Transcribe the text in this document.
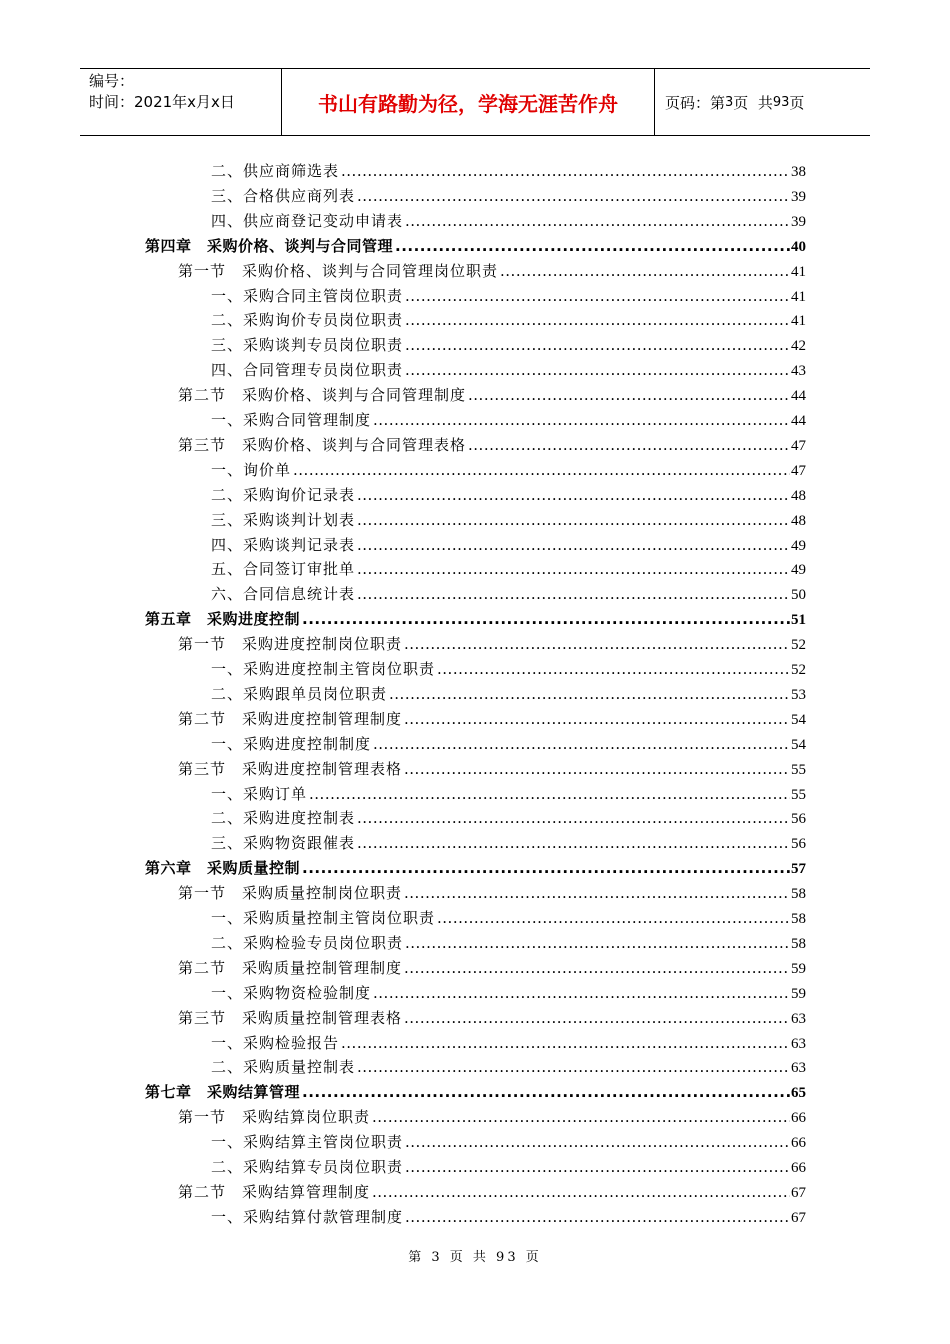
编号：
时间：2021年x月x日	书山有路勤为径，学海无涯苦作舟	页码：第 3 页  共 93 页
二、供应商筛选表 .....	38
三、合格供应商列表 .....	39
四、供应商登记变动申请表 .....	39
第四章　采购价格、谈判与合同管理 .....	40
第一节　采购价格、谈判与合同管理岗位职责 .....	41
一、采购合同主管岗位职责 .....	41
二、采购询价专员岗位职责 .....	41
三、采购谈判专员岗位职责 .....	42
四、合同管理专员岗位职责 .....	43
第二节　采购价格、谈判与合同管理制度 .....	44
一、采购合同管理制度 .....	44
第三节　采购价格、谈判与合同管理表格 .....	47
一、询价单 .....	47
二、采购询价记录表 .....	48
三、采购谈判计划表 .....	48
四、采购谈判记录表 .....	49
五、合同签订审批单 .....	49
六、合同信息统计表 .....	50
第五章　采购进度控制 .....	51
第一节　采购进度控制岗位职责 .....	52
一、采购进度控制主管岗位职责 .....	52
二、采购跟单员岗位职责 .....	53
第二节　采购进度控制管理制度 .....	54
一、采购进度控制制度 .....	54
第三节　采购进度控制管理表格 .....	55
一、采购订单 .....	55
二、采购进度控制表 .....	56
三、采购物资跟催表 .....	56
第六章　采购质量控制 .....	57
第一节　采购质量控制岗位职责 .....	58
一、采购质量控制主管岗位职责 .....	58
二、采购检验专员岗位职责 .....	58
第二节　采购质量控制管理制度 .....	59
一、采购物资检验制度 .....	59
第三节　采购质量控制管理表格 .....	63
一、采购检验报告 .....	63
二、采购质量控制表 .....	63
第七章　采购结算管理 .....	65
第一节　采购结算岗位职责 .....	66
一、采购结算主管岗位职责 .....	66
二、采购结算专员岗位职责 .....	66
第二节　采购结算管理制度 .....	67
一、采购结算付款管理制度 .....	67
第 3 页 共 93 页
